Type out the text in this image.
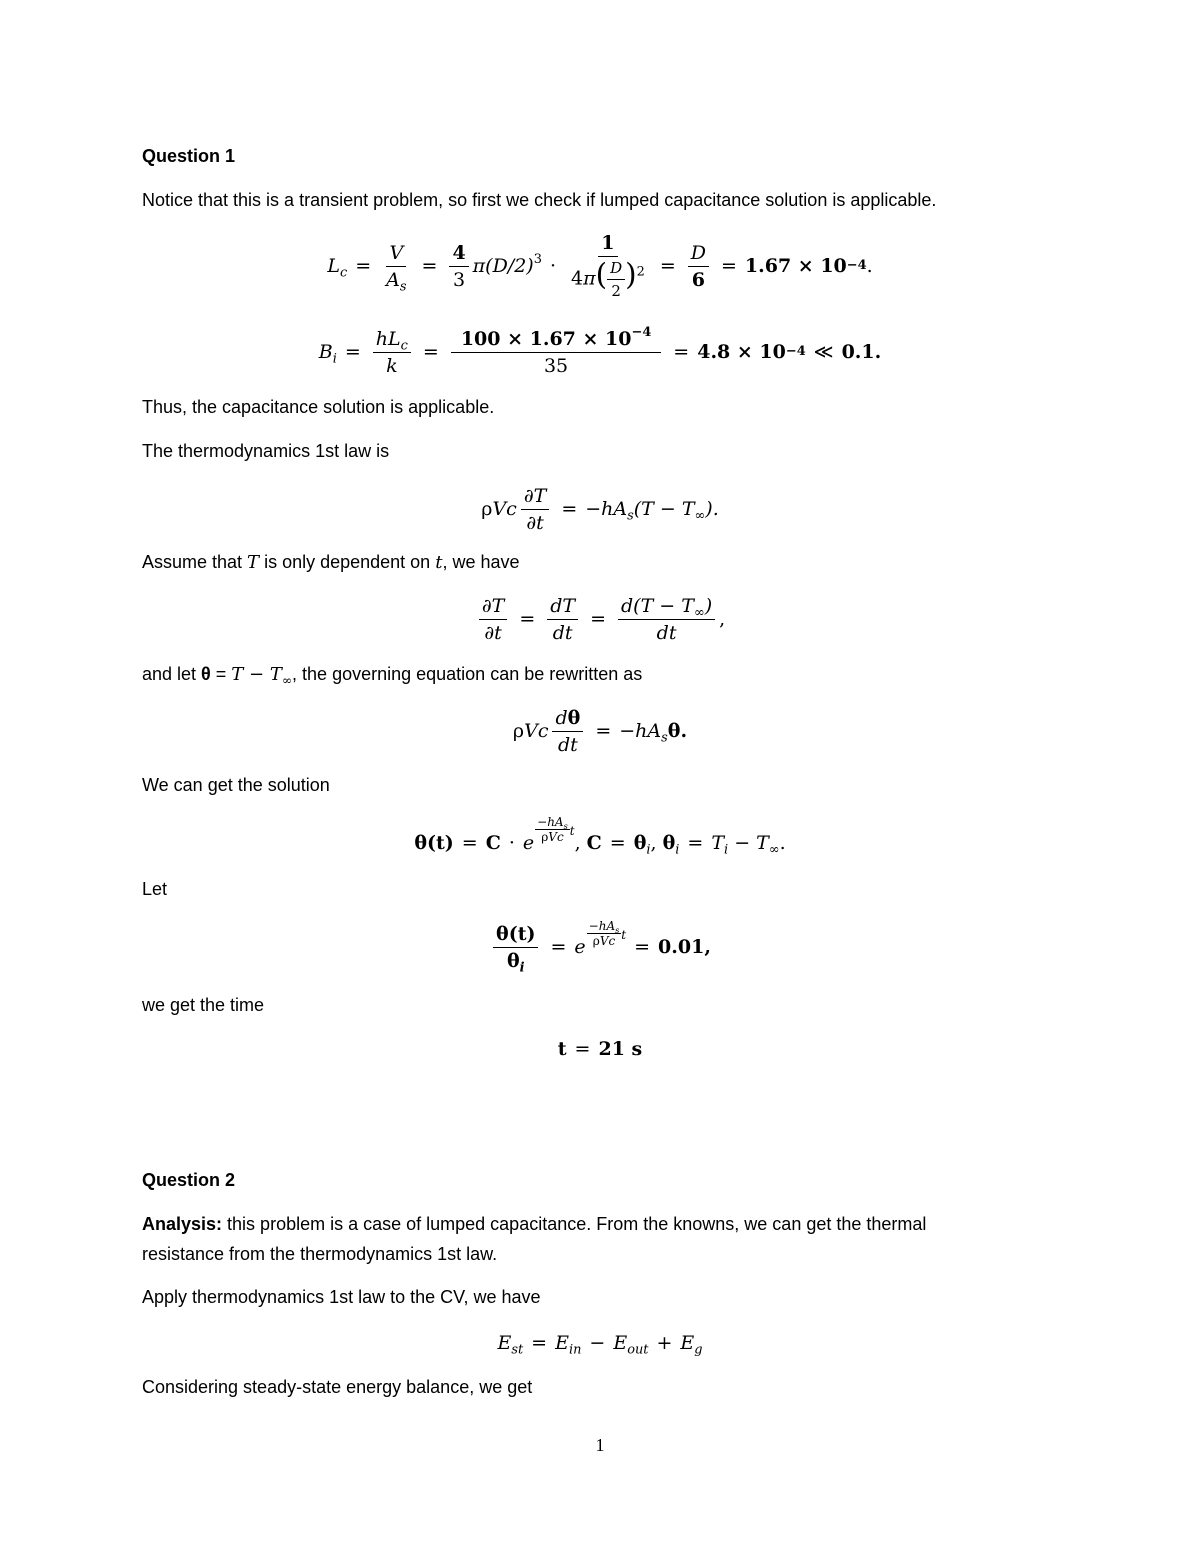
Question 1
Notice that this is a transient problem, so first we check if lumped capacitance solution is applicable.
$L_c = \frac{V}{A_s} = \frac{4}{3} \pi(D/2)^3 \cdot \frac{1}{4\pi( \frac{D}{2} )^2} = \frac{D}{6} = 1.67 \times 10 -4$ .
$B_i = \frac{hL_c}{k} = \frac{100 \times 1.67 \times 10^{-4}}{35} = 4.8 \times 10 -4$ ≪ 0.1.
Thus, the capacitance solution is applicable.
The thermodynamics 1st law is
ρ Vc $\frac{\partial T}{\partial t} = -hA_s(T - T_\infty)$.
Assume that T is only dependent on t, we have
$\frac{\partial T}{\partial t} = \frac{dT}{dt} = \frac{d(T - T_\infty)}{dt}$ ,
and let $\theta = T - T_\infty$, the governing equation can be rewritten as
ρ Vc $\frac{d\theta}{dt} = -hA_s$ θ.
We can get the solution
θ(t) = C · e $\frac{-hA_s}{\text{ρVc}}$ t
, C = θ $_i$ , θ $_i = T_i - T_\infty$ .
Let
$\frac{\theta(t)}{\theta_i} = e \frac{-hA_s}{\text{ρVc}}$ t
= 0.01,
we get the time
t = 21 s
Question 2
Analysis: this problem is a case of lumped capacitance. From the knowns, we can get the thermal
resistance from the thermodynamics 1st law.
Apply thermodynamics 1st law to the CV, we have
$E_{st} = E_{in} - E_{out} + E_g$
Considering steady-state energy balance, we get
1
